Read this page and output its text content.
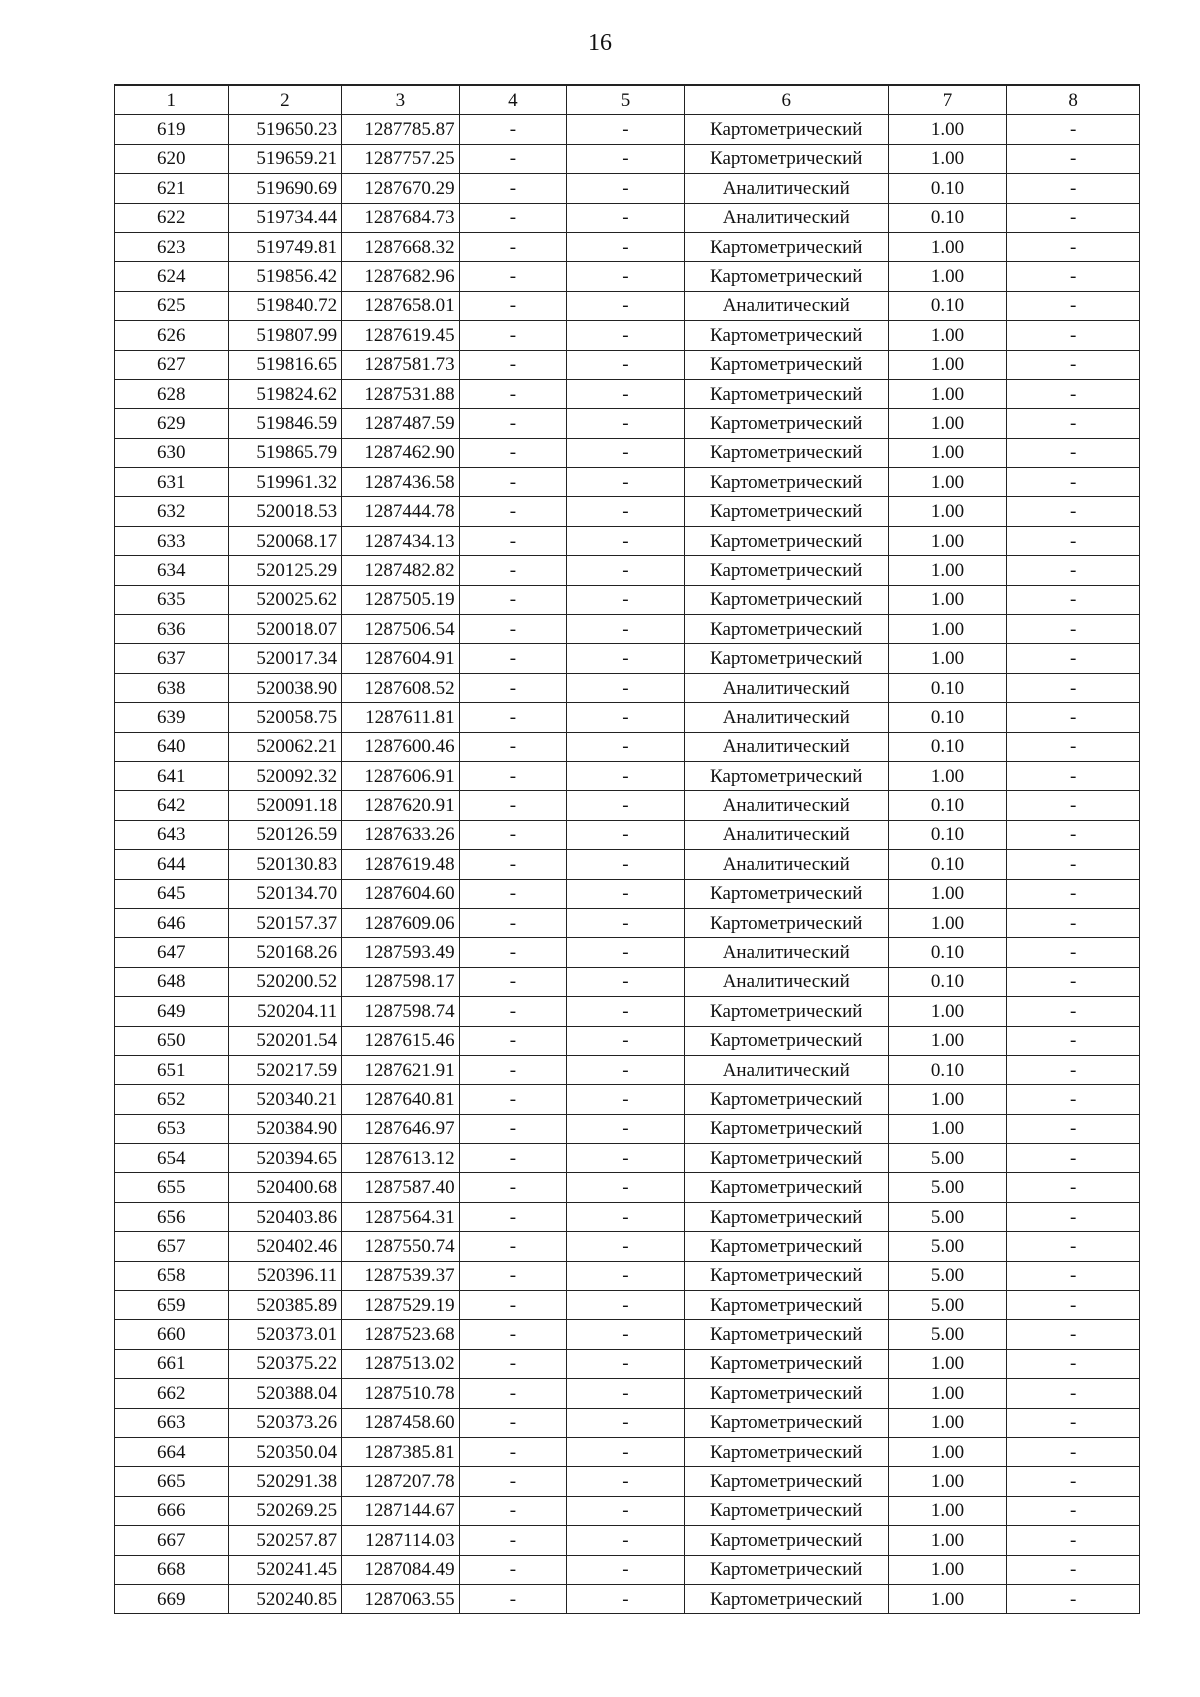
16
1	2	3	4	5	6	7	8
619	519650.23	1287785.87	-	-	Картометрический	1.00	-
620	519659.21	1287757.25	-	-	Картометрический	1.00	-
621	519690.69	1287670.29	-	-	Аналитический	0.10	-
622	519734.44	1287684.73	-	-	Аналитический	0.10	-
623	519749.81	1287668.32	-	-	Картометрический	1.00	-
624	519856.42	1287682.96	-	-	Картометрический	1.00	-
625	519840.72	1287658.01	-	-	Аналитический	0.10	-
626	519807.99	1287619.45	-	-	Картометрический	1.00	-
627	519816.65	1287581.73	-	-	Картометрический	1.00	-
628	519824.62	1287531.88	-	-	Картометрический	1.00	-
629	519846.59	1287487.59	-	-	Картометрический	1.00	-
630	519865.79	1287462.90	-	-	Картометрический	1.00	-
631	519961.32	1287436.58	-	-	Картометрический	1.00	-
632	520018.53	1287444.78	-	-	Картометрический	1.00	-
633	520068.17	1287434.13	-	-	Картометрический	1.00	-
634	520125.29	1287482.82	-	-	Картометрический	1.00	-
635	520025.62	1287505.19	-	-	Картометрический	1.00	-
636	520018.07	1287506.54	-	-	Картометрический	1.00	-
637	520017.34	1287604.91	-	-	Картометрический	1.00	-
638	520038.90	1287608.52	-	-	Аналитический	0.10	-
639	520058.75	1287611.81	-	-	Аналитический	0.10	-
640	520062.21	1287600.46	-	-	Аналитический	0.10	-
641	520092.32	1287606.91	-	-	Картометрический	1.00	-
642	520091.18	1287620.91	-	-	Аналитический	0.10	-
643	520126.59	1287633.26	-	-	Аналитический	0.10	-
644	520130.83	1287619.48	-	-	Аналитический	0.10	-
645	520134.70	1287604.60	-	-	Картометрический	1.00	-
646	520157.37	1287609.06	-	-	Картометрический	1.00	-
647	520168.26	1287593.49	-	-	Аналитический	0.10	-
648	520200.52	1287598.17	-	-	Аналитический	0.10	-
649	520204.11	1287598.74	-	-	Картометрический	1.00	-
650	520201.54	1287615.46	-	-	Картометрический	1.00	-
651	520217.59	1287621.91	-	-	Аналитический	0.10	-
652	520340.21	1287640.81	-	-	Картометрический	1.00	-
653	520384.90	1287646.97	-	-	Картометрический	1.00	-
654	520394.65	1287613.12	-	-	Картометрический	5.00	-
655	520400.68	1287587.40	-	-	Картометрический	5.00	-
656	520403.86	1287564.31	-	-	Картометрический	5.00	-
657	520402.46	1287550.74	-	-	Картометрический	5.00	-
658	520396.11	1287539.37	-	-	Картометрический	5.00	-
659	520385.89	1287529.19	-	-	Картометрический	5.00	-
660	520373.01	1287523.68	-	-	Картометрический	5.00	-
661	520375.22	1287513.02	-	-	Картометрический	1.00	-
662	520388.04	1287510.78	-	-	Картометрический	1.00	-
663	520373.26	1287458.60	-	-	Картометрический	1.00	-
664	520350.04	1287385.81	-	-	Картометрический	1.00	-
665	520291.38	1287207.78	-	-	Картометрический	1.00	-
666	520269.25	1287144.67	-	-	Картометрический	1.00	-
667	520257.87	1287114.03	-	-	Картометрический	1.00	-
668	520241.45	1287084.49	-	-	Картометрический	1.00	-
669	520240.85	1287063.55	-	-	Картометрический	1.00	-
